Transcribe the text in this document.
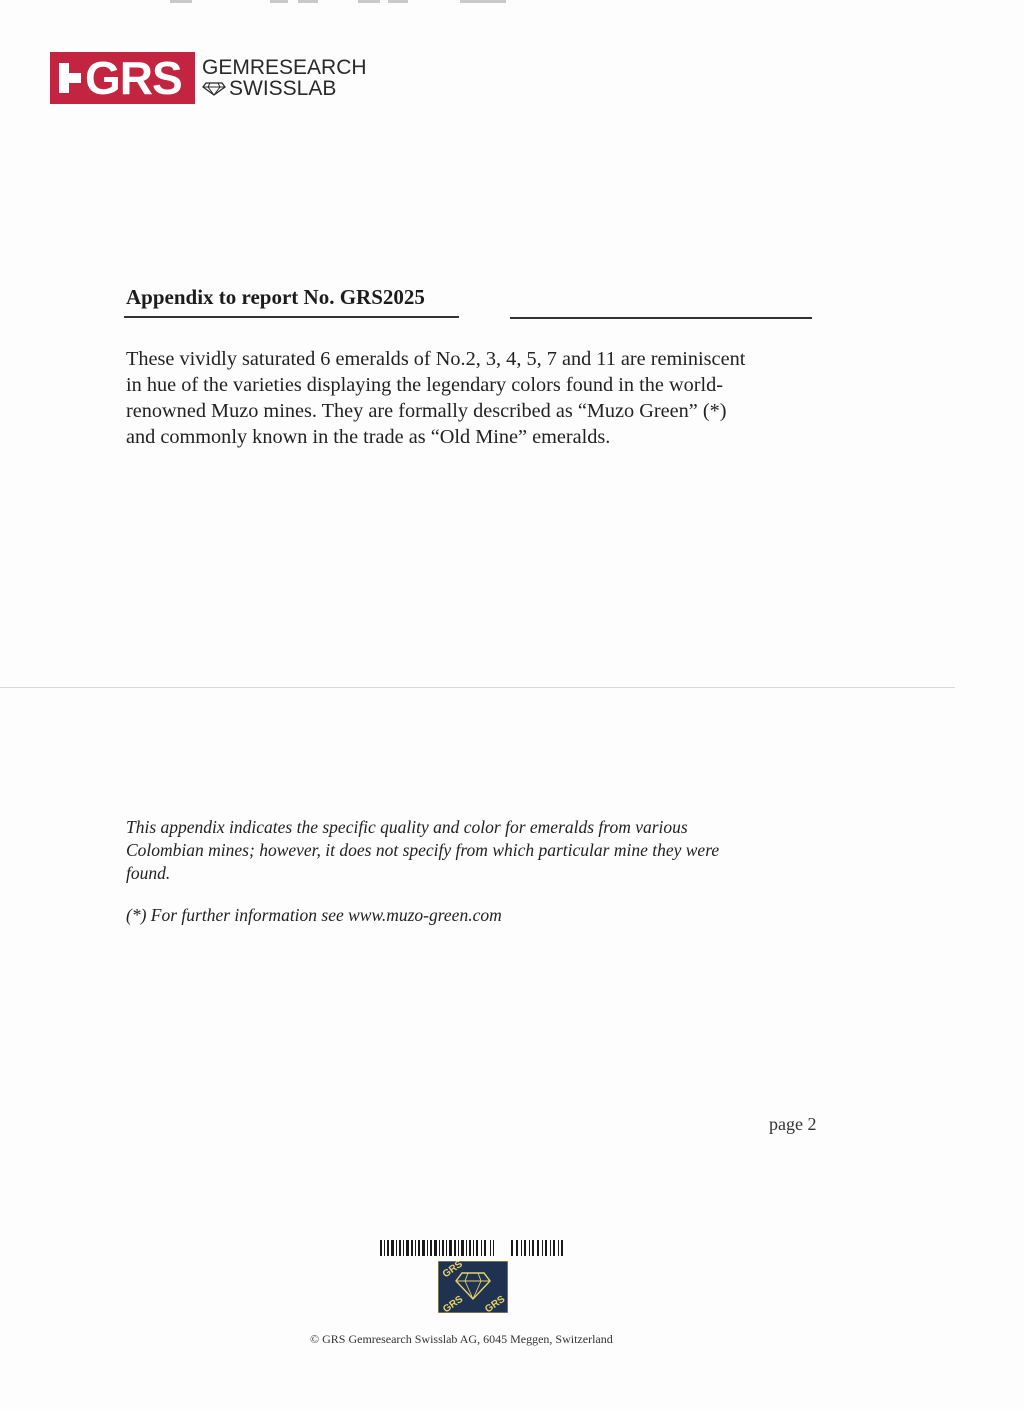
GRS GEMRESEARCH
SWISSLAB
Appendix to report No. GRS2025
These vividly saturated 6 emeralds of No.2, 3, 4, 5, 7 and 11 are reminiscent
in hue of the varieties displaying the legendary colors found in the world-
renowned Muzo mines. They are formally described as “Muzo Green” (*)
and commonly known in the trade as “Old Mine” emeralds.
This appendix indicates the specific quality and color for emeralds from various
Colombian mines; however, it does not specify from which particular mine they were
found.
(*) For further information see www.muzo-green.com
page 2
GRS
GRS GRS
© GRS Gemresearch Swisslab AG, 6045 Meggen, Switzerland
